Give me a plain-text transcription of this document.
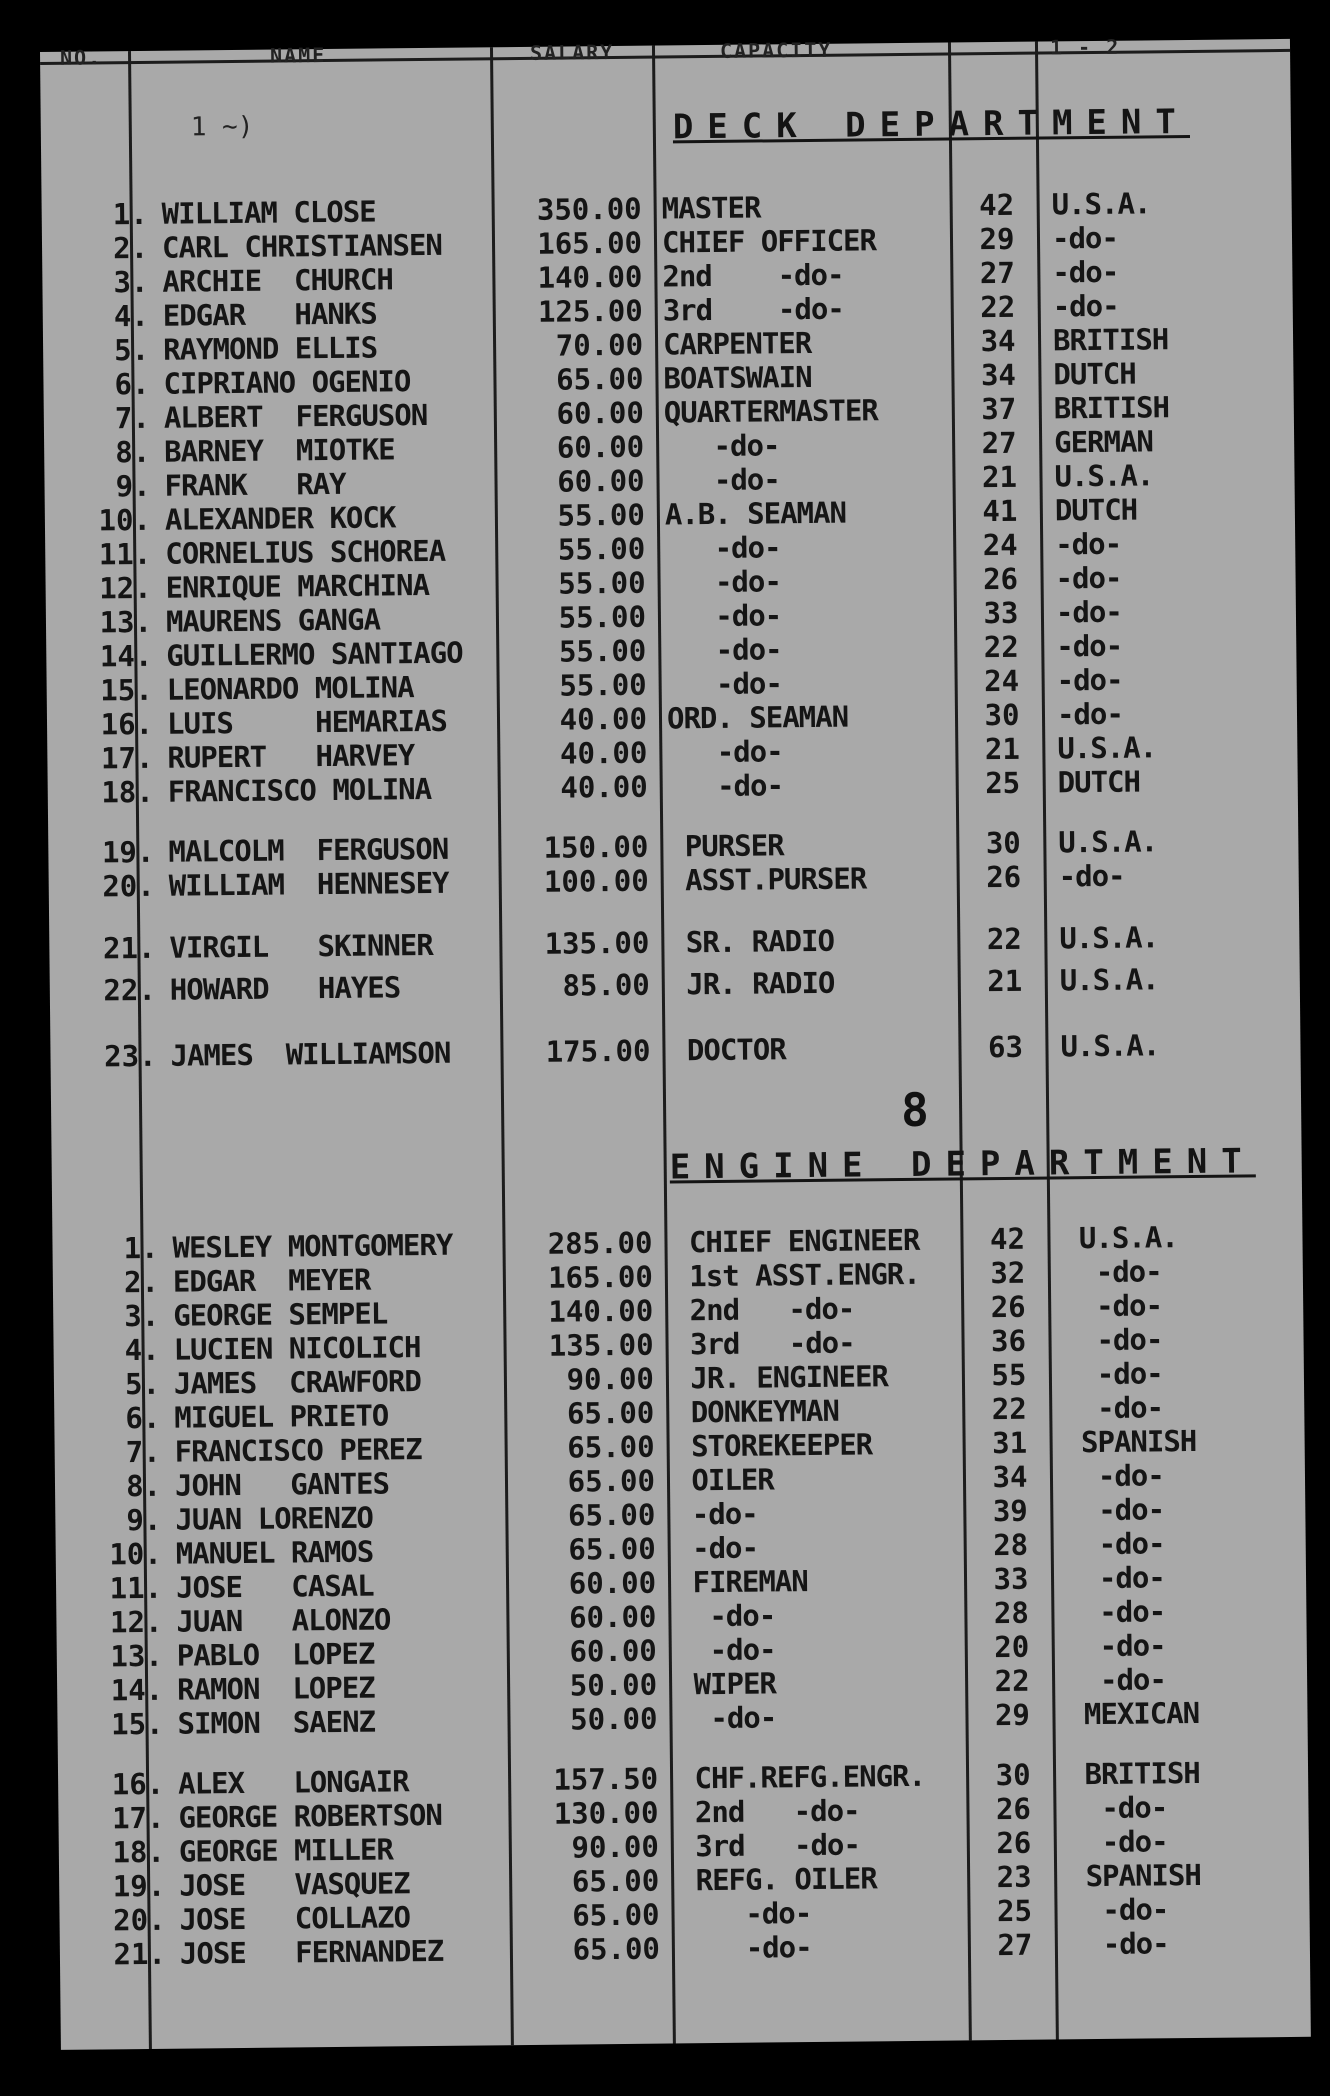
NO.	NAME	SALARY	CAPACITY	1 - 2
1 ~)	DECK DEPARTMENT
1. WILLIAM CLOSE	350.00 MASTER	42	U.S.A.
2. CARL CHRISTIANSEN	165.00 CHIEF OFFICER	29	-do-
3. ARCHIE  CHURCH	140.00 2nd    -do-	27	-do-
4. EDGAR   HANKS	125.00 3rd    -do-	22	-do-
5. RAYMOND ELLIS	70.00 CARPENTER	34	BRITISH
6. CIPRIANO OGENIO	65.00 BOATSWAIN	34	DUTCH
7. ALBERT  FERGUSON	60.00 QUARTERMASTER	37	BRITISH
8. BARNEY  MIOTKE	60.00 -do-	27	GERMAN
9. FRANK   RAY	60.00 -do-	21	U.S.A.
10. ALEXANDER KOCK	55.00 A.B. SEAMAN	41	DUTCH
11. CORNELIUS SCHOREA	55.00 -do-	24	-do-
12. ENRIQUE MARCHINA	55.00 -do-	26	-do-
13. MAURENS GANGA	55.00 -do-	33	-do-
14. GUILLERMO SANTIAGO	55.00 -do-	22	-do-
15. LEONARDO MOLINA	55.00 -do-	24	-do-
16. LUIS     HEMARIAS	40.00 ORD. SEAMAN	30	-do-
17. RUPERT   HARVEY	40.00 -do-	21	U.S.A.
18. FRANCISCO MOLINA	40.00 -do-	25	DUTCH
19. MALCOLM  FERGUSON	150.00 PURSER	30	U.S.A.
20. WILLIAM  HENNESEY	100.00 ASST.PURSER	26	-do-
21. VIRGIL   SKINNER	135.00 SR. RADIO	22	U.S.A.
22. HOWARD   HAYES	85.00 JR. RADIO	21	U.S.A.
23. JAMES  WILLIAMSON	175.00 DOCTOR	63	U.S.A.
8
ENGINE DEPARTMENT
1. WESLEY MONTGOMERY	285.00 CHIEF ENGINEER	42	U.S.A.
2. EDGAR  MEYER	165.00 1st ASST.ENGR.	32	-do-
3. GEORGE SEMPEL	140.00 2nd   -do-	26	-do-
4. LUCIEN NICOLICH	135.00 3rd   -do-	36	-do-
5. JAMES  CRAWFORD	90.00 JR. ENGINEER	55	-do-
6. MIGUEL PRIETO	65.00 DONKEYMAN	22	-do-
7. FRANCISCO PEREZ	65.00 STOREKEEPER	31	SPANISH
8. JOHN   GANTES	65.00 OILER	34	-do-
9. JUAN LORENZO	65.00 -do-	39	-do-
10. MANUEL RAMOS	65.00 -do-	28	-do-
11. JOSE   CASAL	60.00 FIREMAN	33	-do-
12. JUAN   ALONZO	60.00 -do-	28	-do-
13. PABLO  LOPEZ	60.00 -do-	20	-do-
14. RAMON  LOPEZ	50.00 WIPER	22	-do-
15. SIMON  SAENZ	50.00 -do-	29	MEXICAN
16. ALEX   LONGAIR	157.50 CHF.REFG.ENGR.	30	BRITISH
17. GEORGE ROBERTSON	130.00 2nd   -do-	26	-do-
18. GEORGE MILLER	90.00 3rd   -do-	26	-do-
19. JOSE   VASQUEZ	65.00 REFG. OILER	23	SPANISH
20. JOSE   COLLAZO	65.00 -do-	25	-do-
21. JOSE   FERNANDEZ	65.00 -do-	27	-do-
